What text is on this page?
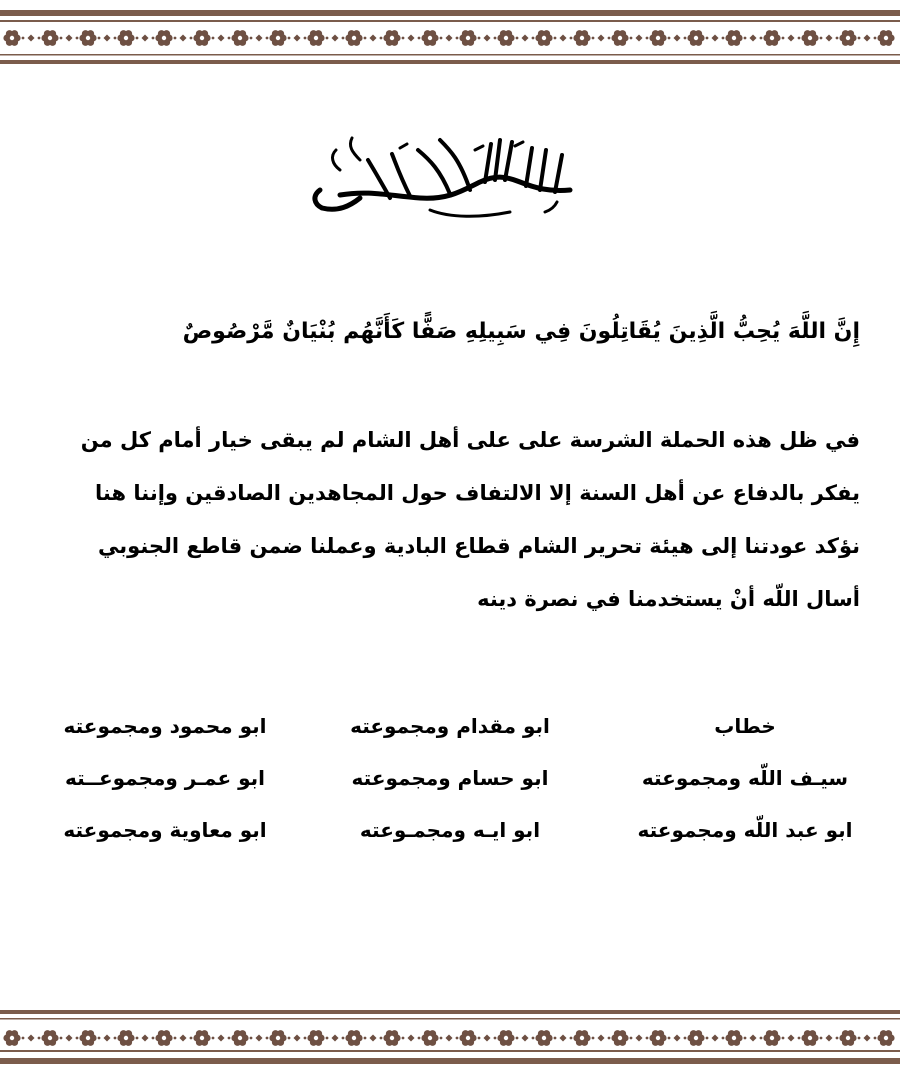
إِنَّ اللَّهَ يُحِبُّ الَّذِينَ يُقَاتِلُونَ فِي سَبِيلِهِ صَفًّا كَأَنَّهُم بُنْيَانٌ مَّرْصُوصٌ
في ظل هذه الحملة الشرسة على على أهل الشام لم يبقى خيار أمام كل من
يفكر بالدفاع عن أهل السنة إلا الالتفاف حول المجاهدين الصادقين وإننا هنا
نؤكد عودتنا إلى هيئة تحرير الشام قطاع البادية وعملنا ضمن قاطع الجنوبي
أسال اللّه أنْ يستخدمنا في نصرة دينه
خطاب
سيـف اللّه ومجموعته
ابو عبد اللّه ومجموعته
ابو مقدام ومجموعته
ابو حسام ومجموعته
ابو ايـه ومجمـوعته
ابو محمود ومجموعته
ابو عمـر ومجموعــته
ابو معاوية ومجموعته
